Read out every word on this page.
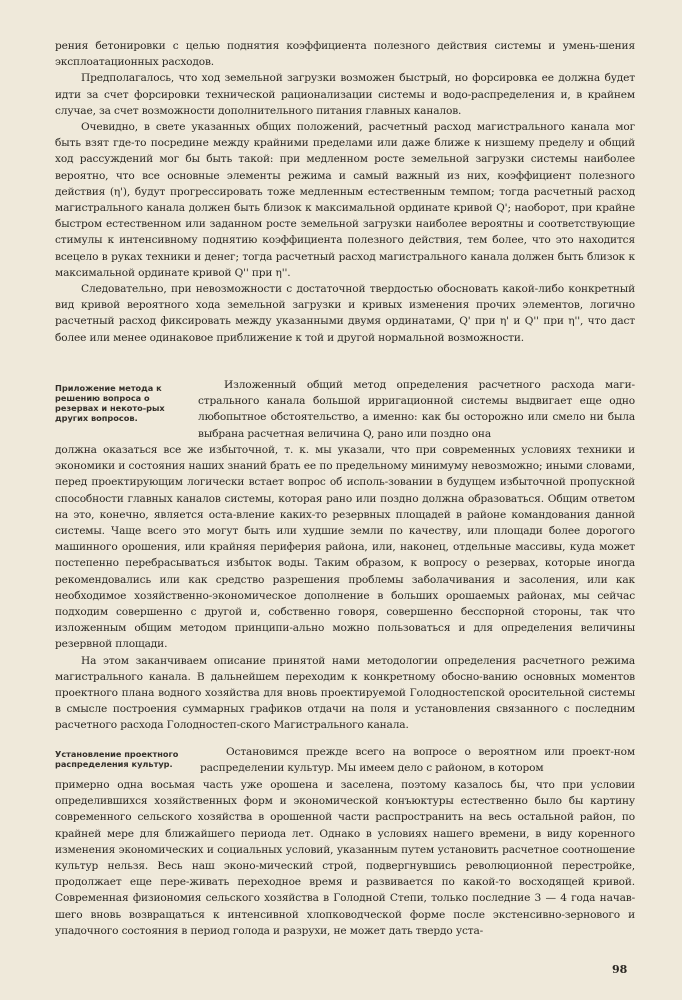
рения бетонировки с целью поднятия коэффициента полезного действия системы и умень-шения эксплоатационных расходов.

Предполагалось, что ход земельной загрузки возможен быстрый, но форсировка ее должна будет идти за счет форсировки технической рационализации системы и водо-распределения и, в крайнем случае, за счет возможности дополнительного питания главных каналов.

Очевидно, в свете указанных общих положений, расчетный расход магистрального канала мог быть взят где-то посредине между крайними пределами или даже ближе к низшему пределу и общий ход рассуждений мог бы быть такой: при медленном росте земельной загрузки системы наиболее вероятно, что все основные элементы режима и самый важный из них, коэффициент полезного действия (η'), будут прогрессировать тоже медленным естественным темпом; тогда расчетный расход магистрального канала должен быть близок к максимальной ординате кривой Q'; наоборот, при крайне быстром естественном или заданном росте земельной загрузки наиболее вероятны и соответствующие стимулы к интенсивному поднятию коэффициента полезного действия, тем более, что это находится всецело в руках техники и денег; тогда расчетный расход магистрального канала должен быть близок к максимальной ординате кривой Q'' при η''.

Следовательно, при невозможности с достаточной твердостью обосновать какой-либо конкретный вид кривой вероятного хода земельной загрузки и кривых изменения прочих элементов, логично расчетный расход фиксировать между указанными двумя ординатами, Q' при η' и Q'' при η'', что даст более или менее одинаковое приближение к той и другой нормальной возможности.

Приложение метода к решению вопроса о резервах и некото-рых других вопросов.
Изложенный общий метод определения расчетного расхода маги-стрального канала большой ирригационной системы выдвигает еще одно любопытное обстоятельство, а именно: как бы осторожно или смело ни была выбрана расчетная величина Q, рано или поздно она

должна оказаться все же избыточной, т. к. мы указали, что при современных условиях техники и экономики и состояния наших знаний брать ее по предельному минимуму невозможно; иными словами, перед проектирующим логически встает вопрос об исполь-зовании в будущем избыточной пропускной способности главных каналов системы, которая рано или поздно должна образоваться. Общим ответом на это, конечно, является оста-вление каких-то резервных площадей в районе командования данной системы. Чаще всего это могут быть или худшие земли по качеству, или площади более дорогого машинного орошения, или крайняя периферия района, или, наконец, отдельные массивы, куда может постепенно перебрасываться избыток воды. Таким образом, к вопросу о резервах, которые иногда рекомендовались или как средство разрешения проблемы заболачивания и засоления, или как необходимое хозяйственно-экономическое дополнение в больших орошаемых районах, мы сейчас подходим совершенно с другой и, собственно говоря, совершенно бесспорной стороны, так что изложенным общим методом принципи-ально можно пользоваться и для определения величины резервной площади.

На этом заканчиваем описание принятой нами методологии определения расчетного режима магистрального канала. В дальнейшем переходим к конкретному обосно-ванию основных моментов проектного плана водного хозяйства для вновь проектируемой Голодностепской оросительной системы в смысле построения суммарных графиков отдачи на поля и установления связанного с последним расчетного расхода Голодностеп-ского Магистрального канала.

Установление проектного распределения культур.
Остановимся прежде всего на вопросе о вероятном или проект-ном распределении культур. Мы имеем дело с районом, в котором

примерно одна восьмая часть уже орошена и заселена, поэтому казалось бы, что при условии определившихся хозяйственных форм и экономической конъюктуры естественно было бы картину современного сельского хозяйства в орошенной части распространить на весь остальной район, по крайней мере для ближайшего периода лет. Однако в условиях нашего времени, в виду коренного изменения экономических и социальных условий, указанным путем установить расчетное соотношение культур нельзя. Весь наш эконо-мический строй, подвергнувшись революционной перестройке, продолжает еще пере-живать переходное время и развивается по какой-то восходящей кривой. Современная физиономия сельского хозяйства в Голодной Степи, только последние 3 — 4 года начав-шего вновь возвращаться к интенсивной хлопководческой форме после экстенсивно-зернового и упадочного состояния в период голода и разрухи, не может дать твердо уста-

98
